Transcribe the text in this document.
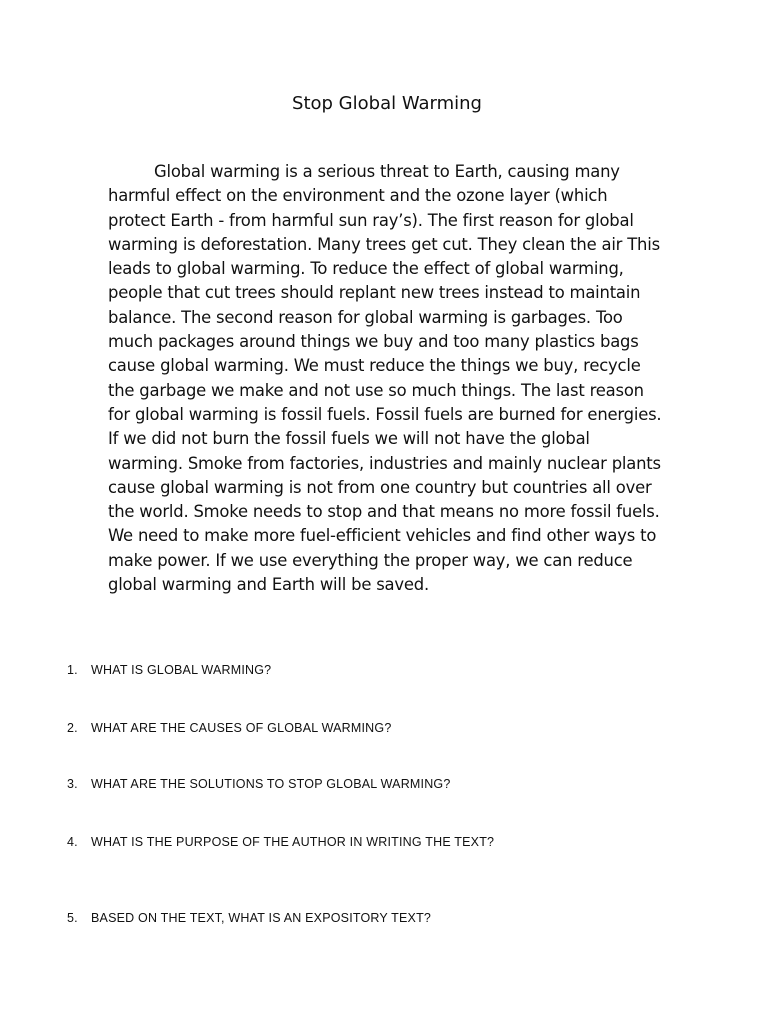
Stop Global Warming

Global warming is a serious threat to Earth, causing many harmful effect on the environment and the ozone layer (which protect Earth - from harmful sun ray’s). The first reason for global warming is deforestation. Many trees get cut. They clean the air This leads to global warming. To reduce the effect of global warming, people that cut trees should replant new trees instead to maintain balance. The second reason for global warming is garbages. Too much packages around things we buy and too many plastics bags cause global warming. We must reduce the things we buy, recycle the garbage we make and not use so much things. The last reason for global warming is fossil fuels. Fossil fuels are burned for energies. If we did not burn the fossil fuels we will not have the global warming. Smoke from factories, industries and mainly nuclear plants cause global warming is not from one country but countries all over the world. Smoke needs to stop and that means no more fossil fuels. We need to make more fuel-efficient vehicles and find other ways to make power. If we use everything the proper way, we can reduce global warming and Earth will be saved.

1. WHAT IS GLOBAL WARMING?
2. WHAT ARE THE CAUSES OF GLOBAL WARMING?
3. WHAT ARE THE SOLUTIONS TO STOP GLOBAL WARMING?
4. WHAT IS THE PURPOSE OF THE AUTHOR IN WRITING THE TEXT?
5. BASED ON THE TEXT, WHAT IS AN EXPOSITORY TEXT?
